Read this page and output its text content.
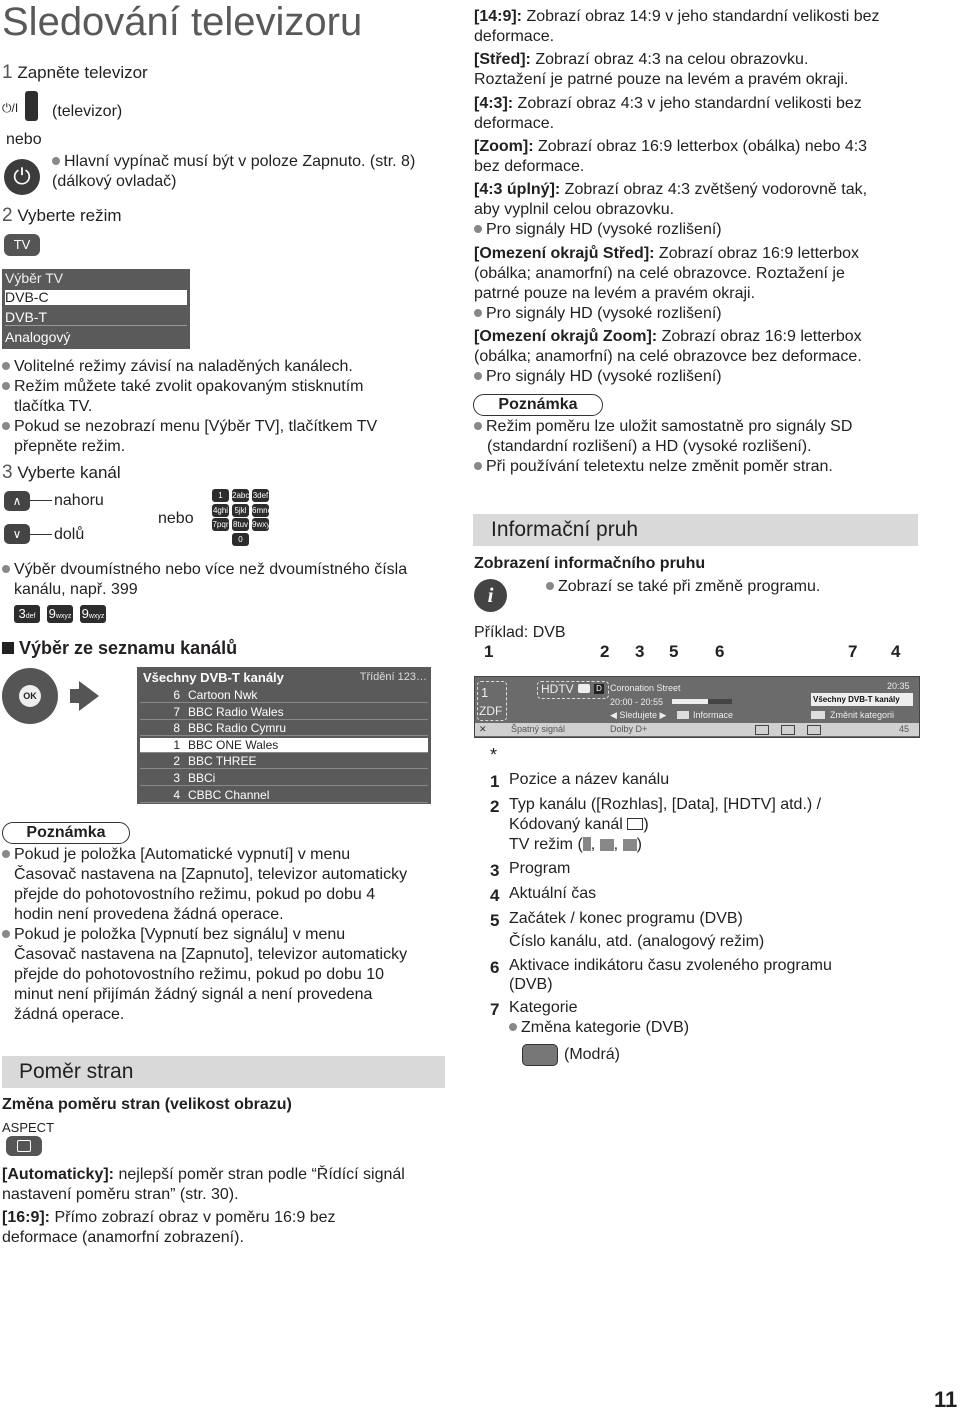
Sledování televizoru
1 Zapněte televizor
⏻/I (televizor)
nebo
⏻
Hlavní vypínač musí být v poloze Zapnuto. (str. 8)
(dálkový ovladač)
2 Vyberte režim
TV
Výběr TV
DVB-C
DVB-T
Analogový
Volitelné režimy závisí na naladěných kanálech.
Režim můžete také zvolit opakovaným stisknutím
tlačítka TV.
Pokud se nezobrazí menu [Výběr TV], tlačítkem TV
přepněte režim.
3 Vyberte kanál
∧
∨
nahoru
dolů
nebo
1	2abc 3def
4ghi 5jkl 6mno
7pqr 8tuv 9wxy
0
Výběr dvoumístného nebo více než dvoumístného čísla
kanálu, např. 399
3def	9wxyz 9wxyz
Výběr ze seznamu kanálů
OK
Všechny DVB-T kanály	Třídění 123…
6 Cartoon Nwk
7 BBC Radio Wales
8 BBC Radio Cymru
1 BBC ONE Wales
2 BBC THREE
3 BBCi
4 CBBC Channel
Poznámka
Pokud je položka [Automatické vypnutí] v menu
Časovač nastavena na [Zapnuto], televizor automaticky
přejde do pohotovostního režimu, pokud po dobu 4
hodin není provedena žádná operace.
Pokud je položka [Vypnutí bez signálu] v menu
Časovač nastavena na [Zapnuto], televizor automaticky
přejde do pohotovostního režimu, pokud po dobu 10
minut není přijímán žádný signál a není provedena
žádná operace.
Poměr stran
Změna poměru stran (velikost obrazu)
ASPECT
[Automaticky]: nejlepší poměr stran podle “Řídící signál
nastavení poměru stran” (str. 30).
[16:9]: Přímo zobrazí obraz v poměru 16:9 bez
deformace (anamorfní zobrazení).
[14:9]: Zobrazí obraz 14:9 v jeho standardní velikosti bez
deformace.
[Střed]: Zobrazí obraz 4:3 na celou obrazovku.
Roztažení je patrné pouze na levém a pravém okraji.
[4:3]: Zobrazí obraz 4:3 v jeho standardní velikosti bez
deformace.
[Zoom]: Zobrazí obraz 16:9 letterbox (obálka) nebo 4:3
bez deformace.
[4:3 úplný]: Zobrazí obraz 4:3 zvětšený vodorovně tak,
aby vyplnil celou obrazovku.
Pro signály HD (vysoké rozlišení)
[Omezení okrajů Střed]: Zobrazí obraz 16:9 letterbox
(obálka; anamorfní) na celé obrazovce. Roztažení je
patrné pouze na levém a pravém okraji.
Pro signály HD (vysoké rozlišení)
[Omezení okrajů Zoom]: Zobrazí obraz 16:9 letterbox
(obálka; anamorfní) na celé obrazovce bez deformace.
Pro signály HD (vysoké rozlišení)
Poznámka
Režim poměru lze uložit samostatně pro signály SD
(standardní rozlišení) a HD (vysoké rozlišení).
Při používání teletextu nelze změnit poměr stran.
Informační pruh
Zobrazení informačního pruhu
i	Zobrazí se také při změně programu.
Příklad: DVB
1	2 3 5 6	7 4
1
ZDF
HDTV	D Coronation Street
20:00 - 20:55
◀ Sledujete ▶	Informace
20:35
Všechny DVB-T kanály
Změnit kategorii
✕	Špatný signál	Dolby D+	45
*
1 Pozice a název kanálu
2 Typ kanálu ([Rozhlas], [Data], [HDTV] atd.) /
Kódovaný kanál )
TV režim ( , , )
3 Program
4 Aktuální čas
5 Začátek / konec programu (DVB)
Číslo kanálu, atd. (analogový režim)
6 Aktivace indikátoru času zvoleného programu
(DVB)
7 Kategorie
Změna kategorie (DVB)
(Modrá)
11
